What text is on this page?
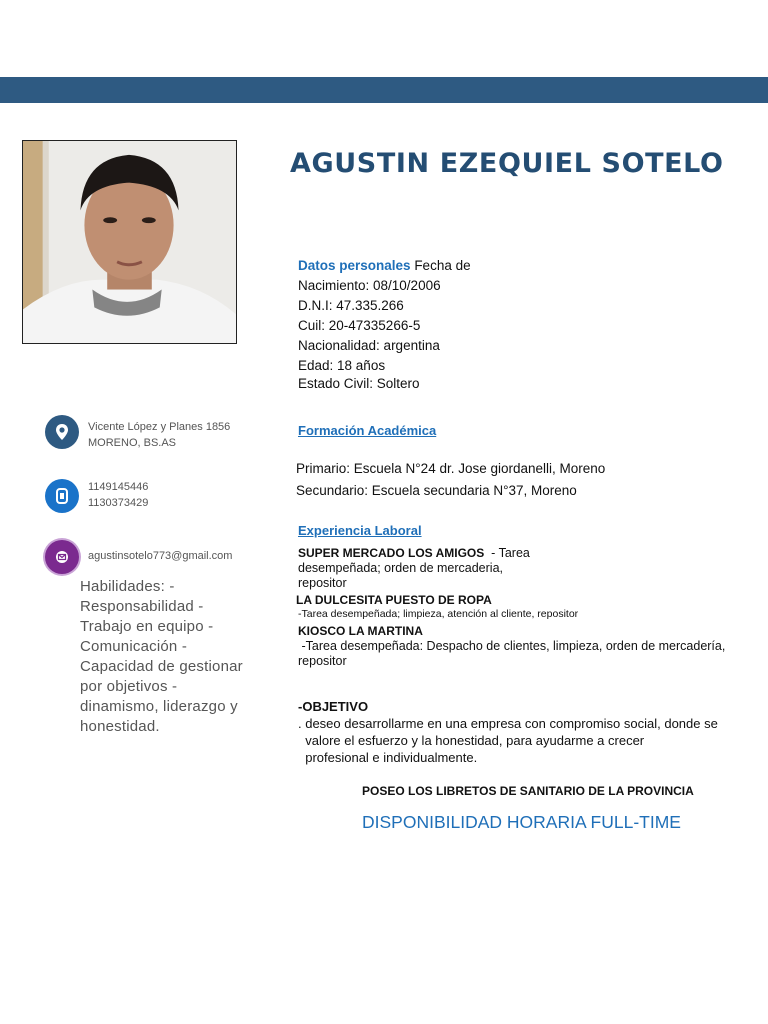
AGUSTIN EZEQUIEL SOTELO
Datos personales Fecha de
Nacimiento: 08/10/2006
D.N.I: 47.335.266
Cuil: 20-47335266-5
Nacionalidad: argentina
Edad: 18 años
Estado Civil: Soltero
Formación Académica
Primario: Escuela N°24 dr. Jose giordanelli, Moreno
Secundario: Escuela secundaria N°37, Moreno
Experiencia Laboral
SUPER MERCADO LOS AMIGOS  - Tarea
desempeñada; orden de mercaderia,
repositor
LA DULCESITA PUESTO DE ROPA
-Tarea desempeñada; limpieza, atención al cliente, repositor
KIOSCO LA MARTINA
-Tarea desempeñada: Despacho de clientes, limpieza, orden de mercadería,
repositor
-OBJETIVO
. deseo desarrollarme en una empresa con compromiso social, donde se
valore el esfuerzo y la honestidad, para ayudarme a crecer
profesional e individualmente.
POSEO LOS LIBRETOS DE SANITARIO DE LA PROVINCIA
DISPONIBILIDAD HORARIA FULL-TIME
Vicente López y Planes 1856
MORENO, BS.AS
1149145446
1130373429
agustinsotelo773@gmail.com
Habilidades: -
Responsabilidad -
Trabajo en equipo -
Comunicación -
Capacidad de gestionar
por objetivos -
dinamismo, liderazgo y
honestidad.
